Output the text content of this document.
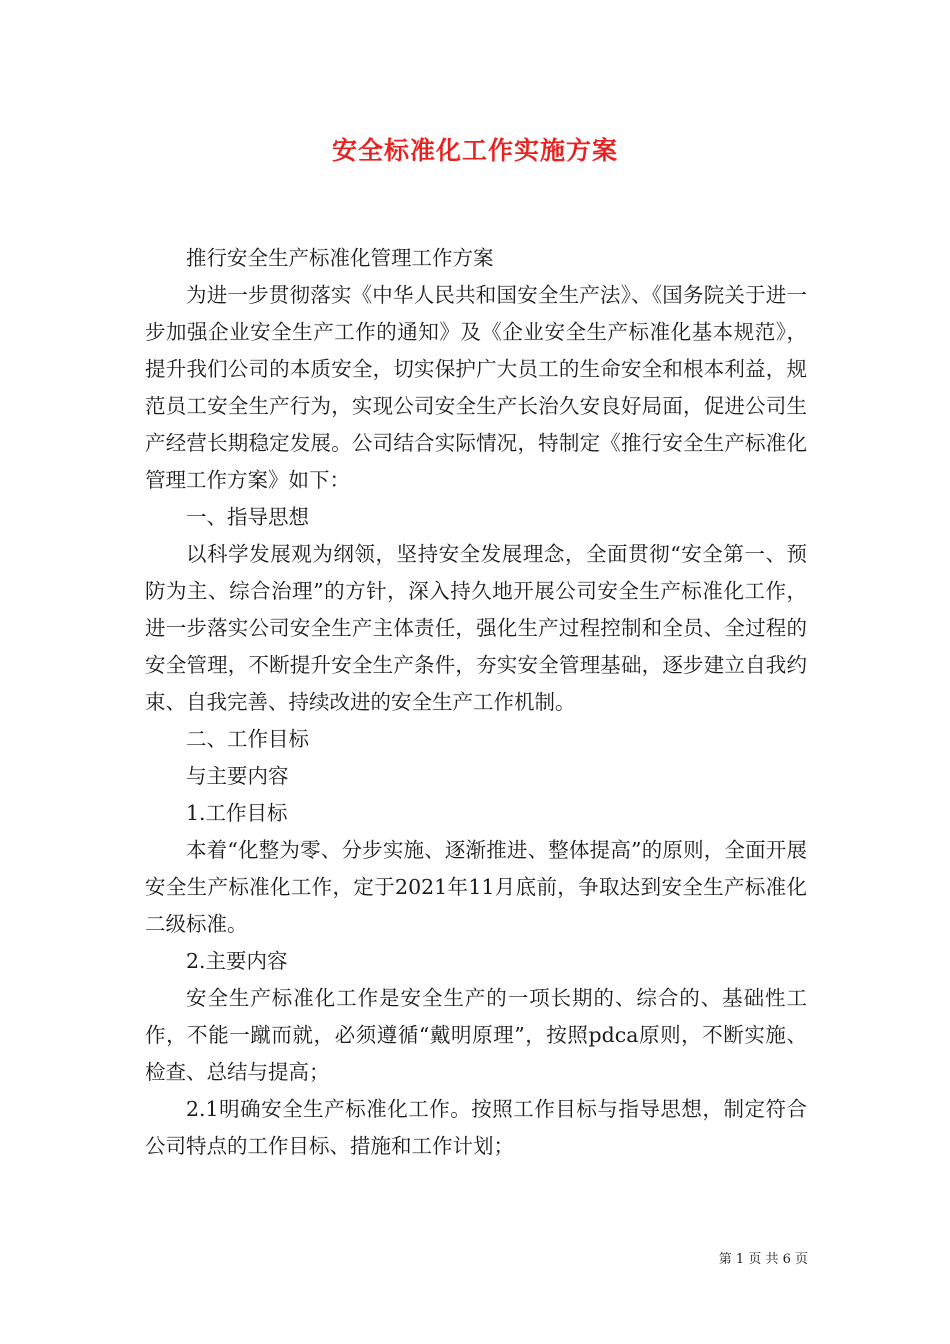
安全标准化工作实施方案

推行安全生产标准化管理工作方案

为进一步贯彻落实《中华人民共和国安全生产法》、《国务院关于进一步加强企业安全生产工作的通知》及《企业安全生产标准化基本规范》，提升我们公司的本质安全，切实保护广大员工的生命安全和根本利益，规范员工安全生产行为，实现公司安全生产长治久安良好局面，促进公司生产经营长期稳定发展。公司结合实际情况，特制定《推行安全生产标准化管理工作方案》如下：

一、指导思想

以科学发展观为纲领，坚持安全发展理念，全面贯彻“安全第一、预防为主、综合治理”的方针，深入持久地开展公司安全生产标准化工作，进一步落实公司安全生产主体责任，强化生产过程控制和全员、全过程的安全管理，不断提升安全生产条件，夯实安全管理基础，逐步建立自我约束、自我完善、持续改进的安全生产工作机制。

二、工作目标

与主要内容

1.工作目标

本着“化整为零、分步实施、逐渐推进、整体提高”的原则，全面开展安全生产标准化工作，定于2021年11月底前，争取达到安全生产标准化二级标准。

2.主要内容

安全生产标准化工作是安全生产的一项长期的、综合的、基础性工作，不能一蹴而就，必须遵循“戴明原理”，按照pdca原则，不断实施、检查、总结与提高；

2.1明确安全生产标准化工作。按照工作目标与指导思想，制定符合公司特点的工作目标、措施和工作计划；

第 1 页 共 6 页
